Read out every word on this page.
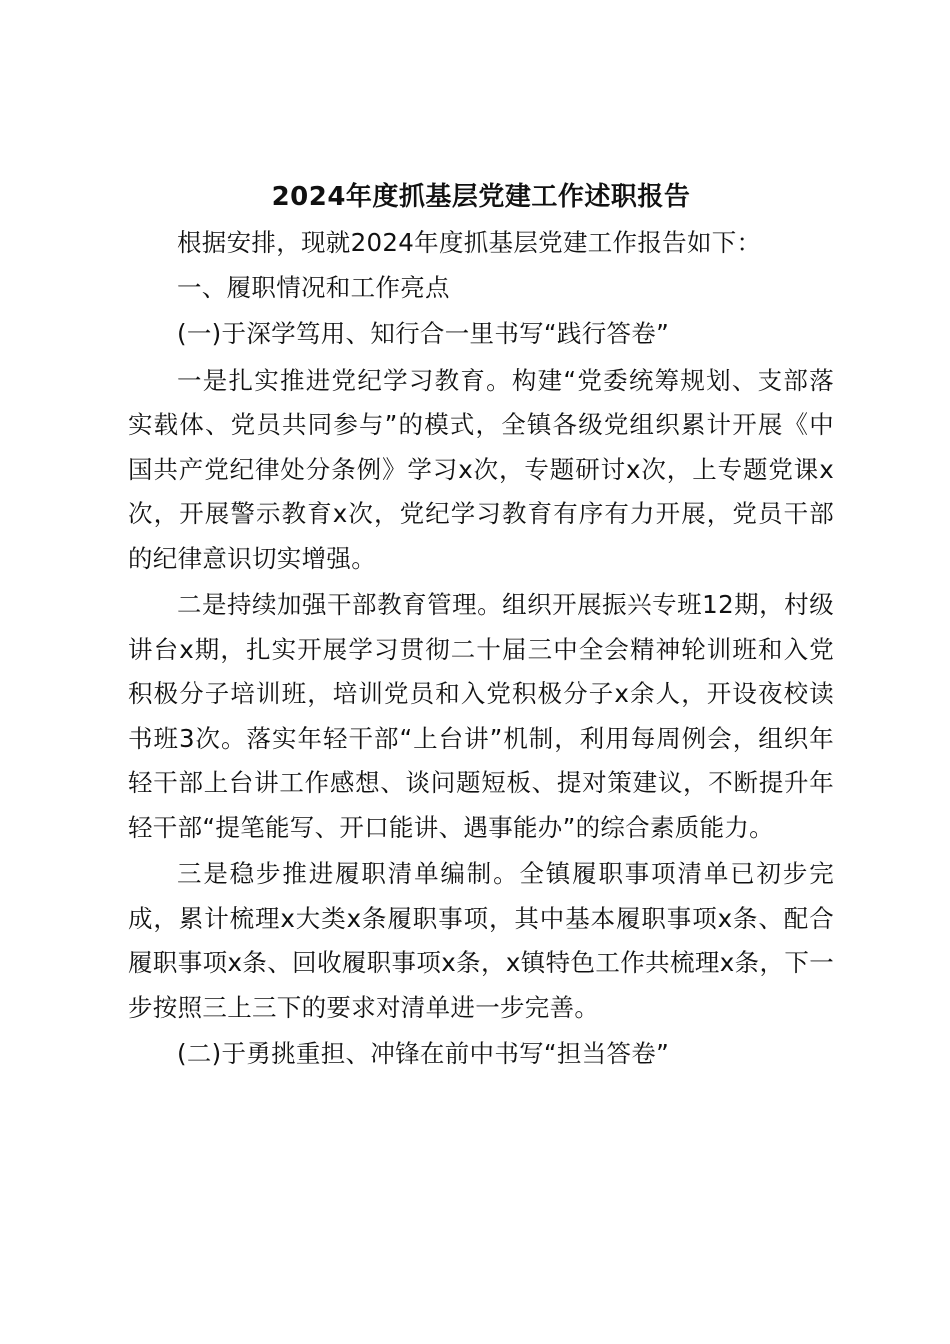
2024年度抓基层党建工作述职报告

根据安排，现就2024年度抓基层党建工作报告如下：

一、履职情况和工作亮点

(一)于深学笃用、知行合一里书写“践行答卷”

一是扎实推进党纪学习教育。构建“党委统筹规划、支部落实载体、党员共同参与”的模式，全镇各级党组织累计开展《中国共产党纪律处分条例》学习x次，专题研讨x次，上专题党课x次，开展警示教育x次，党纪学习教育有序有力开展，党员干部的纪律意识切实增强。

二是持续加强干部教育管理。组织开展振兴专班12期，村级讲台x期，扎实开展学习贯彻二十届三中全会精神轮训班和入党积极分子培训班，培训党员和入党积极分子x余人，开设夜校读书班3次。落实年轻干部“上台讲”机制，利用每周例会，组织年轻干部上台讲工作感想、谈问题短板、提对策建议，不断提升年轻干部“提笔能写、开口能讲、遇事能办”的综合素质能力。

三是稳步推进履职清单编制。全镇履职事项清单已初步完成，累计梳理x大类x条履职事项，其中基本履职事项x条、配合履职事项x条、回收履职事项x条，x镇特色工作共梳理x条，下一步按照三上三下的要求对清单进一步完善。

(二)于勇挑重担、冲锋在前中书写“担当答卷”
